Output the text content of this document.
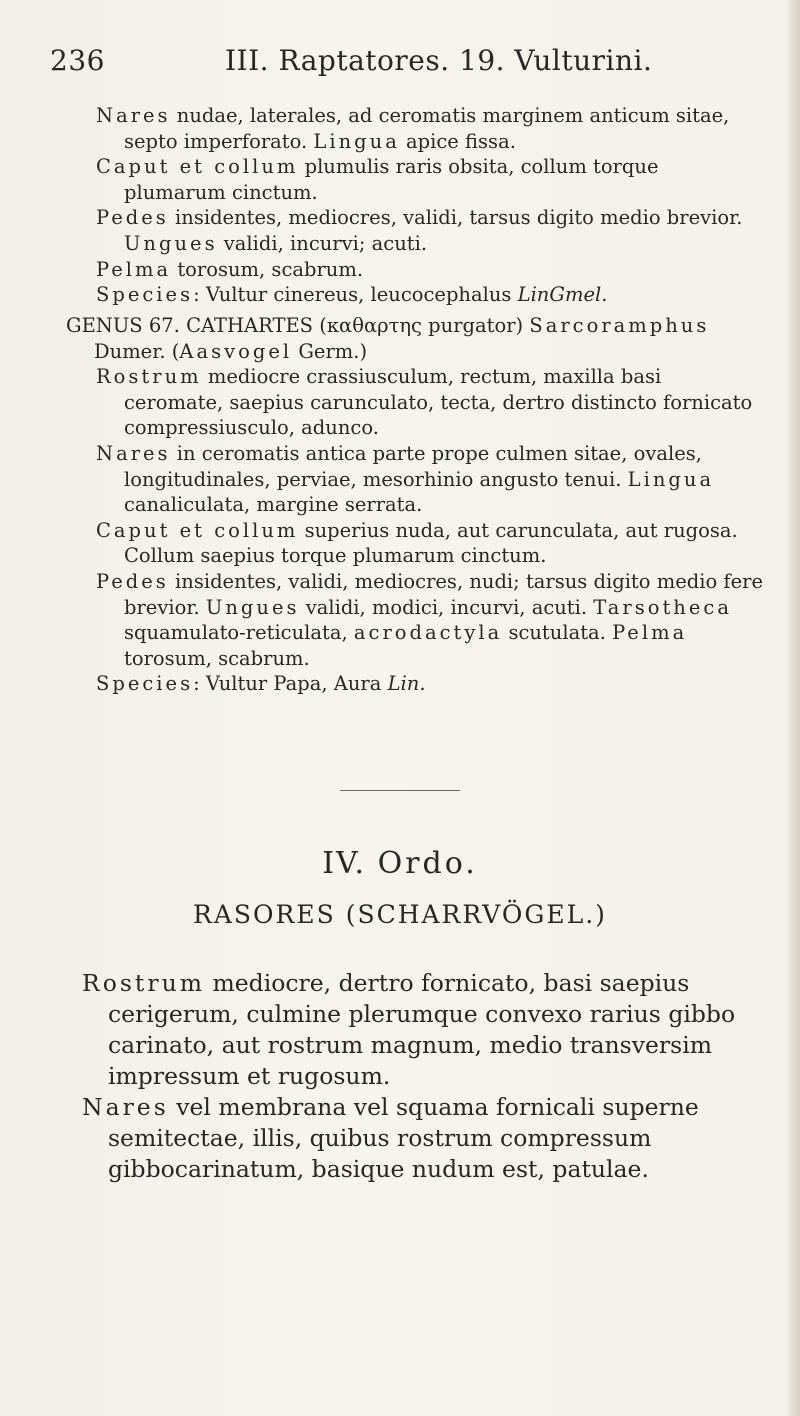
236	III. Raptatores. 19. Vulturini.

Nares nudae, laterales, ad ceromatis marginem anticum sitae, septo imperforato. Lingua apice fissa.

Caput et collum plumulis raris obsita, collum torque plumarum cinctum.

Pedes insidentes, mediocres, validi, tarsus digito medio brevior. Ungues validi, incurvi; acuti.

Pelma torosum, scabrum.

Species: Vultur cinereus, leucocephalus LinGmel.

GENUS 67. CATHARTES (καθαρτης purgator) Sarcoramphus Dumer. (Aasvogel Germ.)

Rostrum mediocre crassiusculum, rectum, maxilla basi ceromate, saepius carunculato, tecta, dertro distincto fornicato compressiusculo, adunco.

Nares in ceromatis antica parte prope culmen sitae, ovales, longitudinales, perviae, mesorhinio angusto tenui. Lingua canaliculata, margine serrata.

Caput et collum superius nuda, aut carunculata, aut rugosa. Collum saepius torque plumarum cinctum.

Pedes insidentes, validi, mediocres, nudi; tarsus digito medio fere brevior. Ungues validi, modici, incurvi, acuti. Tarsotheca squamulato-reticulata, acrodactyla scutulata. Pelma torosum, scabrum.

Species: Vultur Papa, Aura Lin.

IV. Ordo.
RASORES (SCHARRVÖGEL.)

Rostrum mediocre, dertro fornicato, basi saepius cerigerum, culmine plerumque convexo rarius gibbo carinato, aut rostrum magnum, medio transversim impressum et rugosum.

Nares vel membrana vel squama fornicali superne semitectae, illis, quibus rostrum compressum gibbocarinatum, basique nudum est, patulae.
